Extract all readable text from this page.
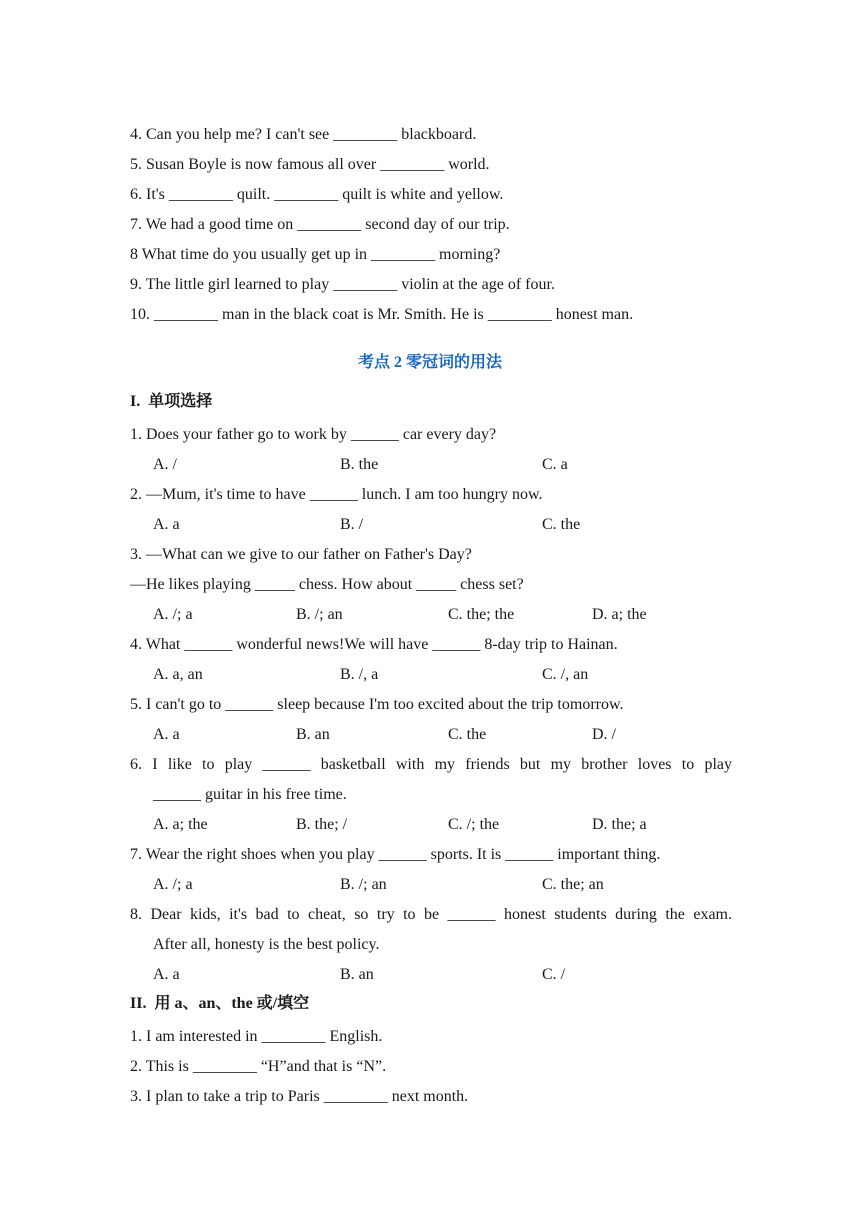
4. Can you help me? I can't see ________ blackboard.

5. Susan Boyle is now famous all over ________ world.

6. It's ________ quilt. ________ quilt is white and yellow.

7. We had a good time on ________ second day of our trip.

8 What time do you usually get up in ________ morning?

9. The little girl learned to play ________ violin at the age of four.

10. ________ man in the black coat is Mr. Smith. He is ________ honest man.

考点 2 零冠词的用法
I.  单项选择

1. Does your father go to work by ______ car every day?

A. /	B. the	C. a

2. —Mum, it's time to have ______ lunch. I am too hungry now.

A. a	B. /	C. the

3. —What can we give to our father on Father's Day?

—He likes playing _____ chess. How about _____ chess set?

A. /; a	B. /; an	C. the; the	D. a; the

4. What ______ wonderful news!We will have ______ 8-day trip to Hainan.

A. a, an	B. /, a	C. /, an

5. I can't go to ______ sleep because I'm too excited about the trip tomorrow.

A. a	B. an	C. the	D. /

6. I like to play ______ basketball with my friends but my brother loves to play

______ guitar in his free time.

A. a; the	B. the; /	C. /; the	D. the; a

7. Wear the right shoes when you play ______ sports. It is ______ important thing.

A. /; a	B. /; an	C. the; an

8. Dear kids, it's bad to cheat, so try to be ______ honest students during the exam.

After all, honesty is the best policy.

A. a	B. an	C. /
II.  用 a、an、the 或/填空

1. I am interested in ________ English.

2. This is ________ “H”and that is “N”.

3. I plan to take a trip to Paris ________ next month.
